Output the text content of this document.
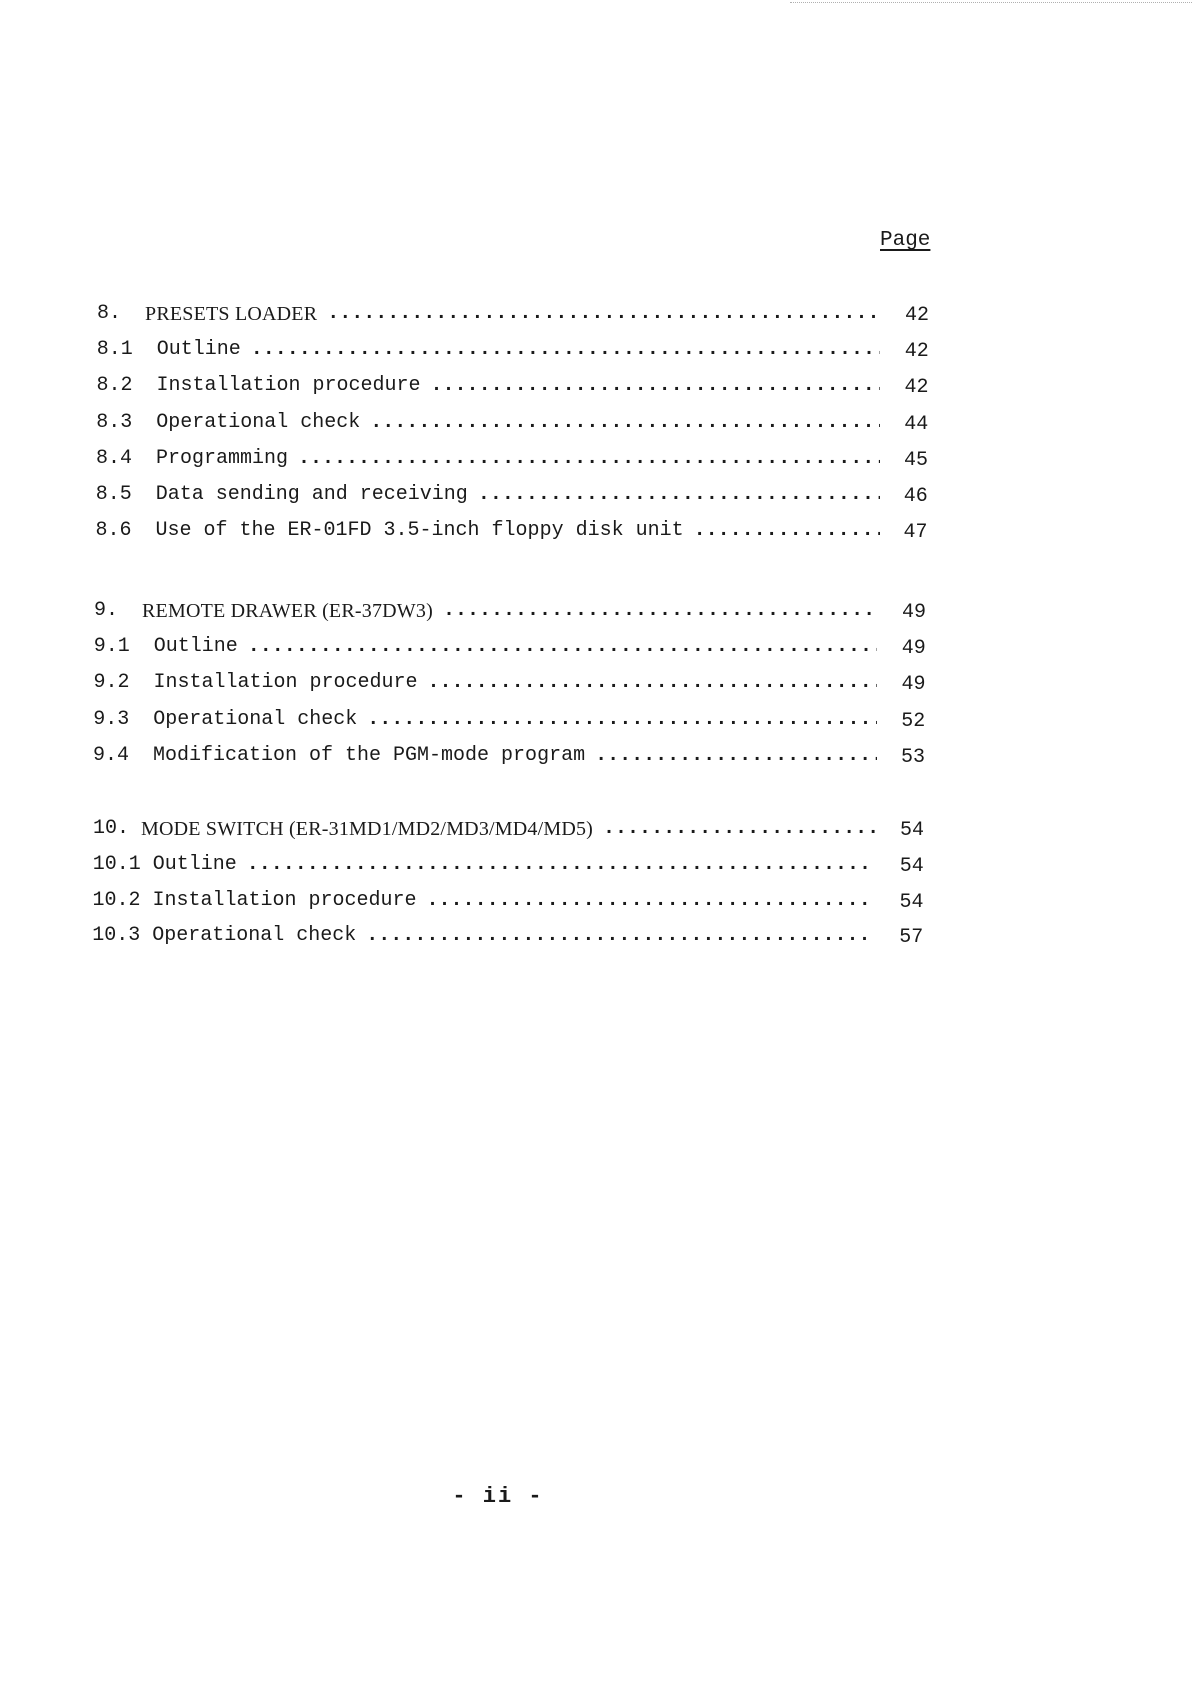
Page
8.	PRESETS LOADER . . .	42
8.1	Outline . . .	42
8.2	Installation procedure . . .	42
8.3	Operational check . . .	44
8.4	Programming . . .	45
8.5	Data sending and receiving . . .	46
8.6	Use of the ER-01FD 3.5-inch floppy disk unit . . .	47
9.	REMOTE DRAWER (ER-37DW3) . . .	49
9.1	Outline . . .	49
9.2	Installation procedure . . .	49
9.3	Operational check . . .	52
9.4	Modification of the PGM-mode program . . .	53
10. MODE SWITCH (ER-31MD1/MD2/MD3/MD4/MD5) . . .	54
10.1 Outline . . .	54
10.2 Installation procedure . . .	54
10.3 Operational check . . .	57
- ii -
